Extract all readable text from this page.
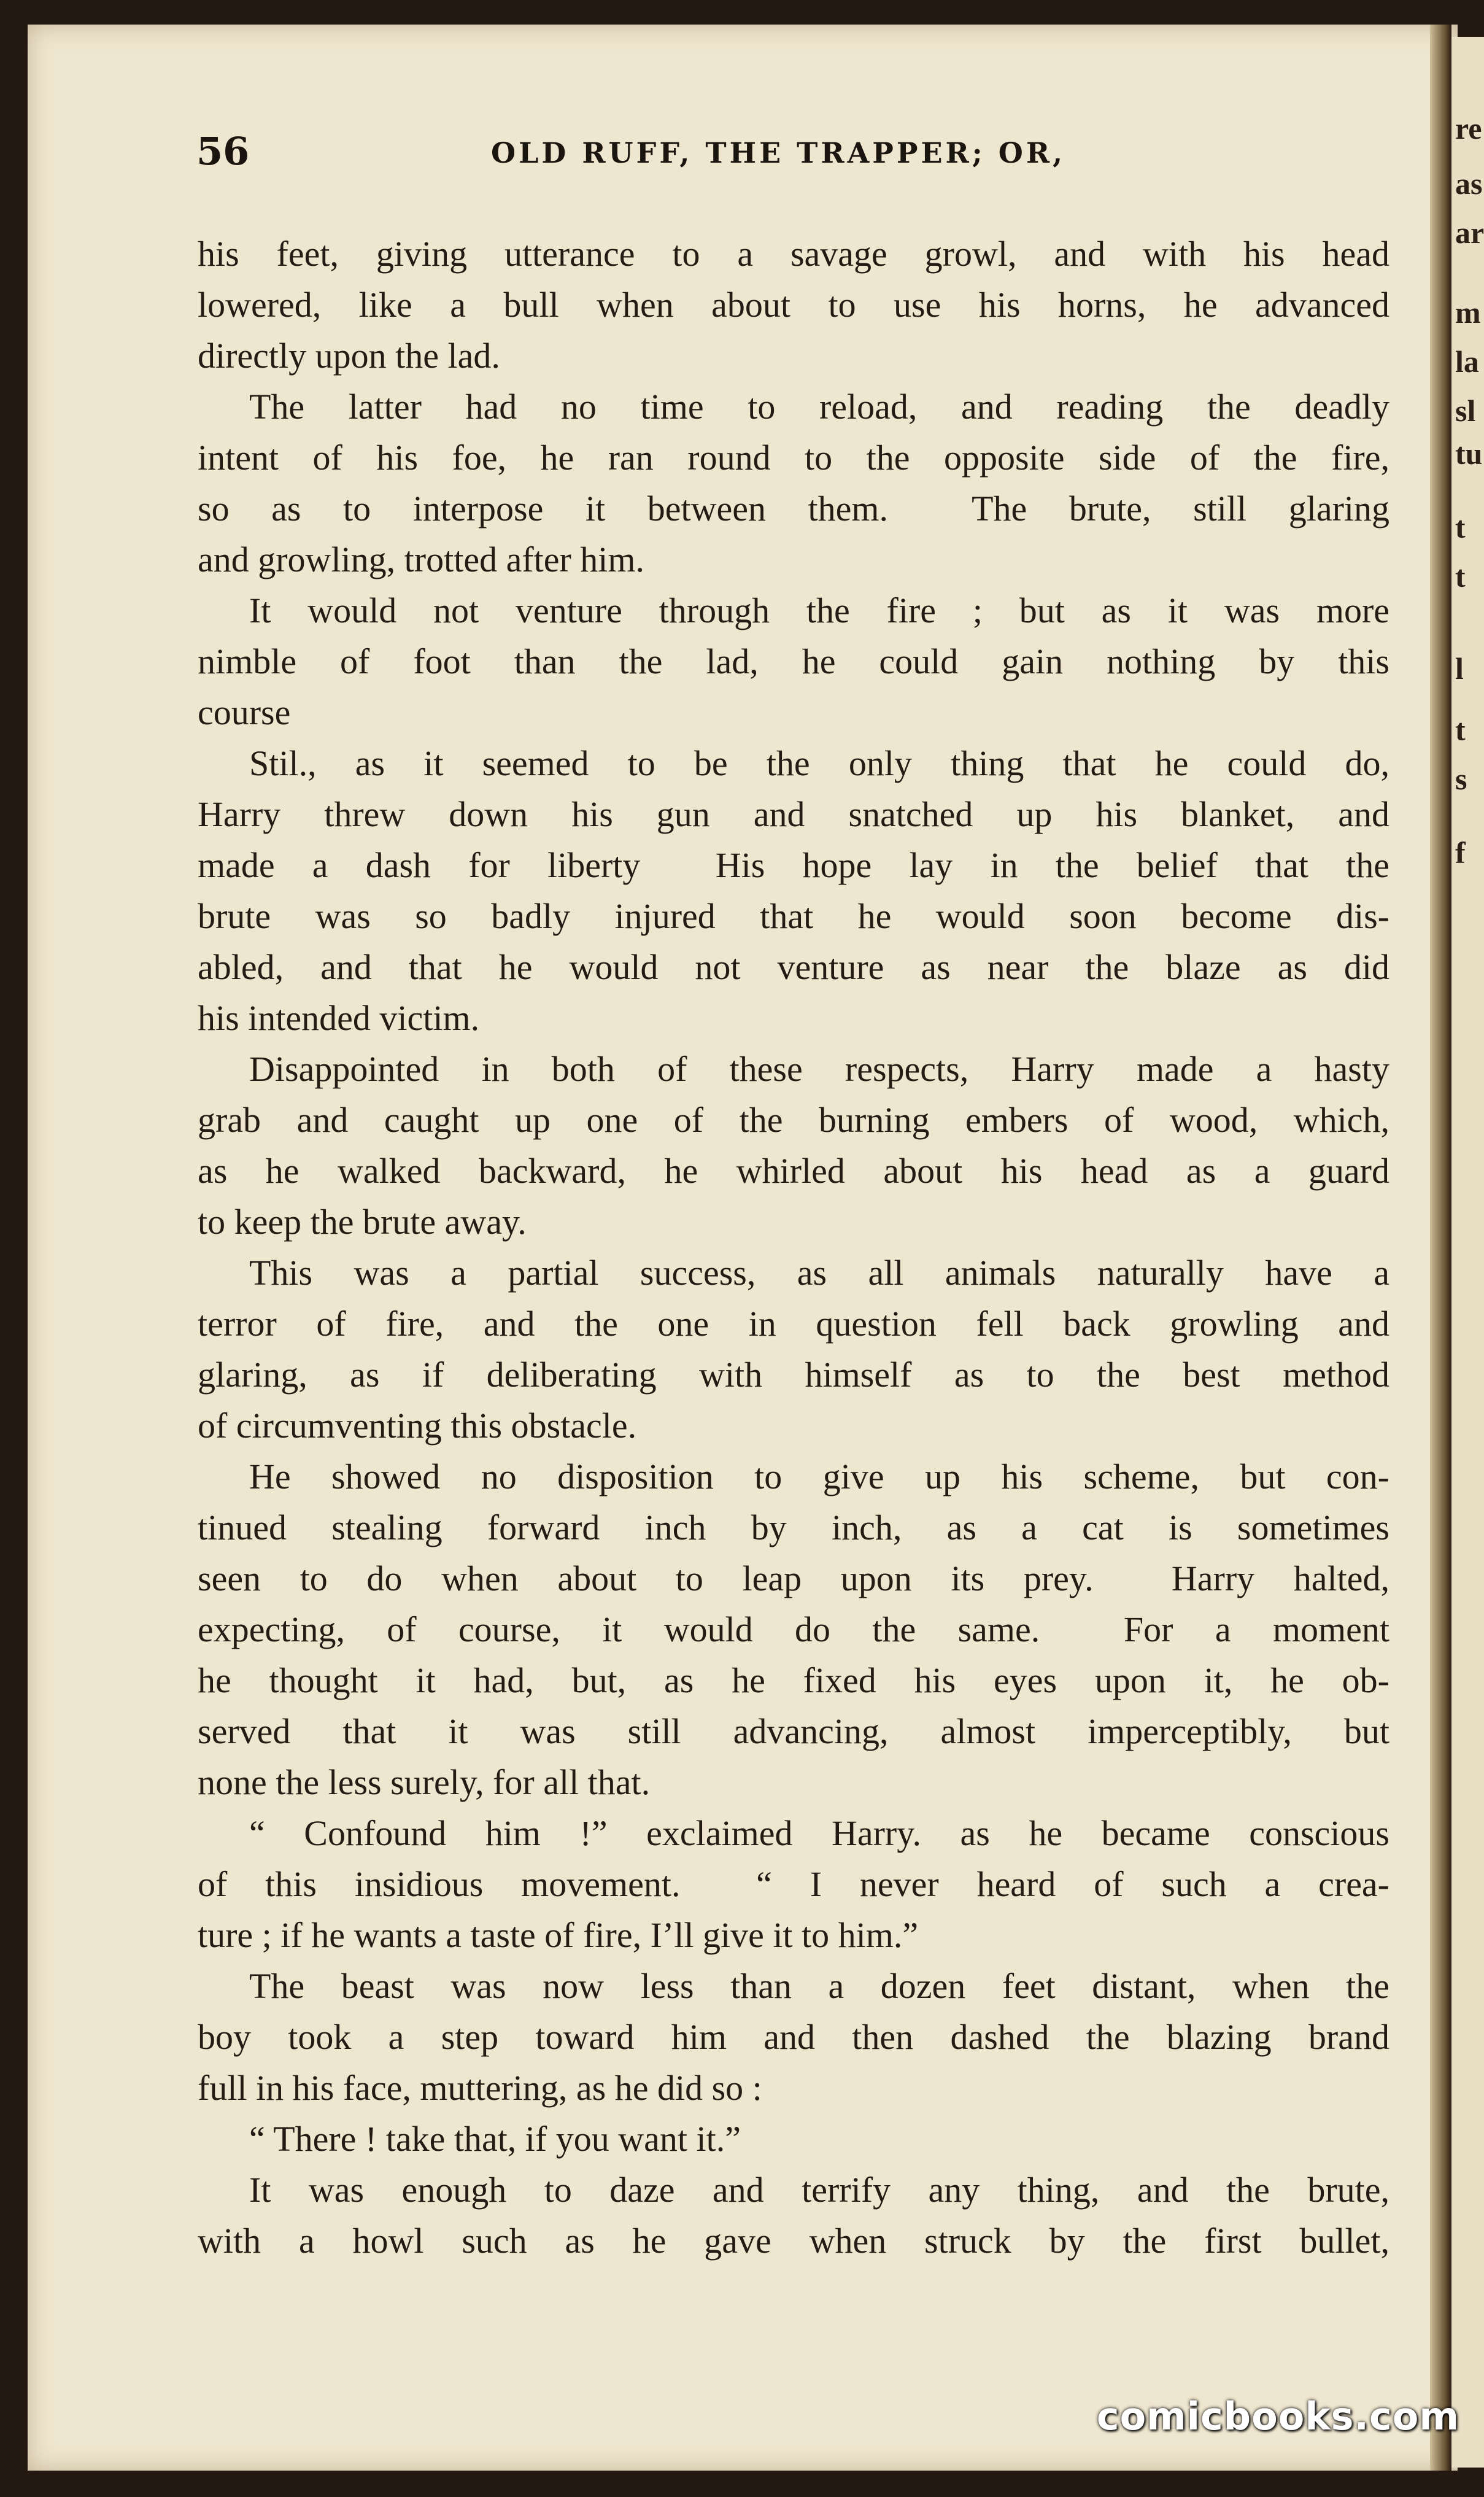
re
as
ar
m
la
sl
tu
t
t
l
t
s
f
56	OLD RUFF, THE TRAPPER; OR,
his feet, giving utterance to a savage growl, and with his head
lowered, like a bull when about to use his horns, he advanced
directly upon the lad.
The latter had no time to reload, and reading the deadly
intent of his foe, he ran round to the opposite side of the fire,
so as to interpose it between them.  The brute, still glaring
and growling, trotted after him.
It would not venture through the fire ; but as it was more
nimble of foot than the lad, he could gain nothing by this
course
Stil., as it seemed to be the only thing that he could do,
Harry threw down his gun and snatched up his blanket, and
made a dash for liberty  His hope lay in the belief that the
brute was so badly injured that he would soon become dis-
abled, and that he would not venture as near the blaze as did
his intended victim.
Disappointed in both of these respects, Harry made a hasty
grab and caught up one of the burning embers of wood, which,
as he walked backward, he whirled about his head as a guard
to keep the brute away.
This was a partial success, as all animals naturally have a
terror of fire, and the one in question fell back growling and
glaring, as if deliberating with himself as to the best method
of circumventing this obstacle.
He showed no disposition to give up his scheme, but con-
tinued stealing forward inch by inch, as a cat is sometimes
seen to do when about to leap upon its prey.  Harry halted,
expecting, of course, it would do the same.  For a moment
he thought it had, but, as he fixed his eyes upon it, he ob-
served that it was still advancing, almost imperceptibly, but
none the less surely, for all that.
“ Confound him !” exclaimed Harry. as he became conscious
of this insidious movement.  “ I never heard of such a crea-
ture ; if he wants a taste of fire, I’ll give it to him.”
The beast was now less than a dozen feet distant, when the
boy took a step toward him and then dashed the blazing brand
full in his face, muttering, as he did so :
“ There ! take that, if you want it.”
It was enough to daze and terrify any thing, and the brute,
with a howl such as he gave when struck by the first bullet,
comicbooks.com
